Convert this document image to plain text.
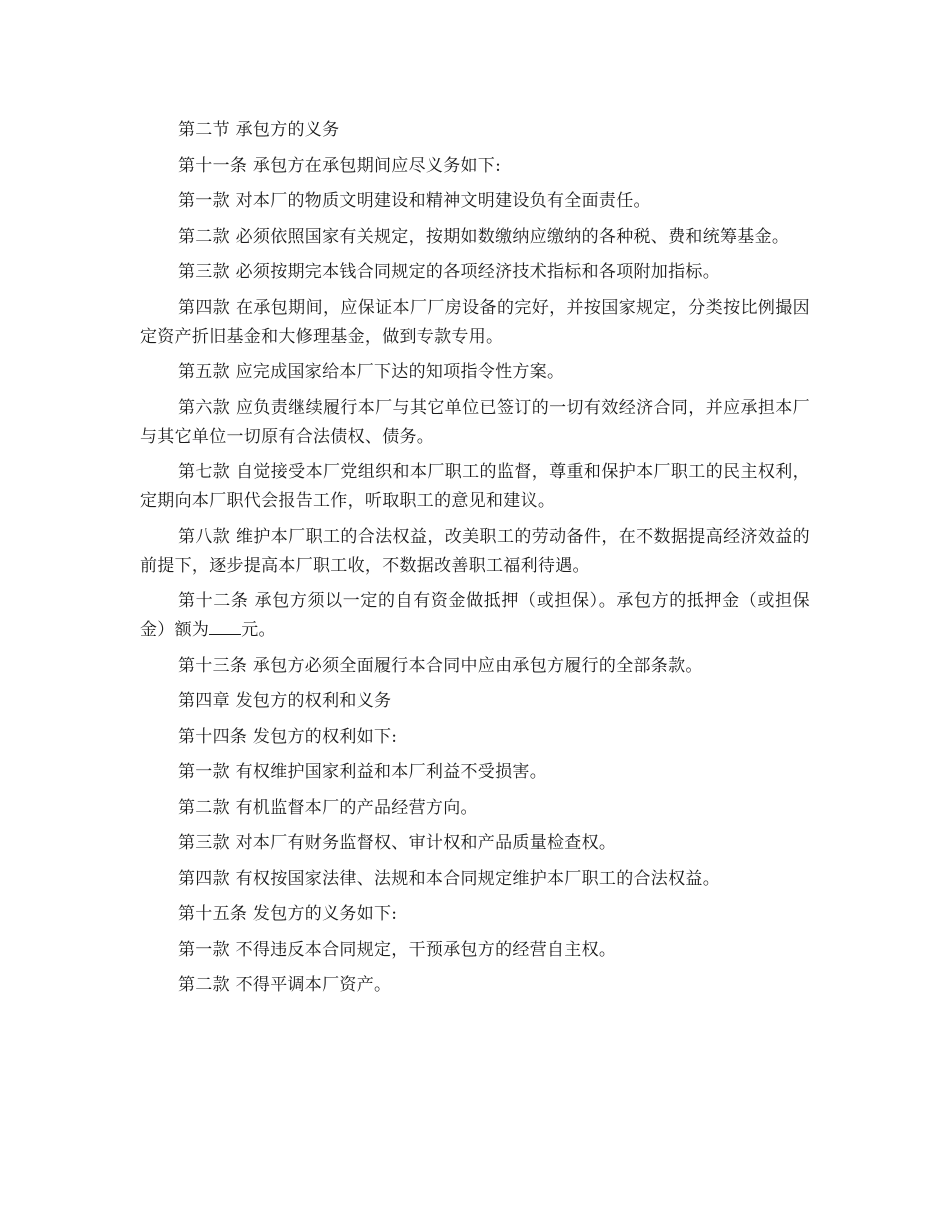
第二节 承包方的义务

第十一条 承包方在承包期间应尽义务如下:

第一款 对本厂的物质文明建设和精神文明建设负有全面责任。

第二款 必须依照国家有关规定，按期如数缴纳应缴纳的各种税、费和统筹基金。

第三款 必须按期完本钱合同规定的各项经济技术指标和各项附加指标。

第四款 在承包期间，应保证本厂厂房设备的完好，并按国家规定，分类按比例撮因定资产折旧基金和大修理基金，做到专款专用。

第五款 应完成国家给本厂下达的知项指令性方案。

第六款 应负责继续履行本厂与其它单位已签订的一切有效经济合同，并应承担本厂与其它单位一切原有合法债权、债务。

第七款 自觉接受本厂党组织和本厂职工的监督，尊重和保护本厂职工的民主权利，定期向本厂职代会报告工作，听取职工的意见和建议。

第八款 维护本厂职工的合法权益，改美职工的劳动备件，在不数据提高经济效益的前提下，逐步提高本厂职工收，不数据改善职工福利待遇。

第十二条 承包方须以一定的自有资金做抵押（或担保）。承包方的抵押金（或担保金）额为 元。

第十三条 承包方必须全面履行本合同中应由承包方履行的全部条款。

第四章 发包方的权利和义务

第十四条 发包方的权利如下:

第一款 有权维护国家利益和本厂利益不受损害。

第二款 有机监督本厂的产品经营方向。

第三款 对本厂有财务监督权、审计权和产品质量检查权。

第四款 有权按国家法律、法规和本合同规定维护本厂职工的合法权益。

第十五条 发包方的义务如下:

第一款 不得违反本合同规定，干预承包方的经营自主权。

第二款 不得平调本厂资产。
